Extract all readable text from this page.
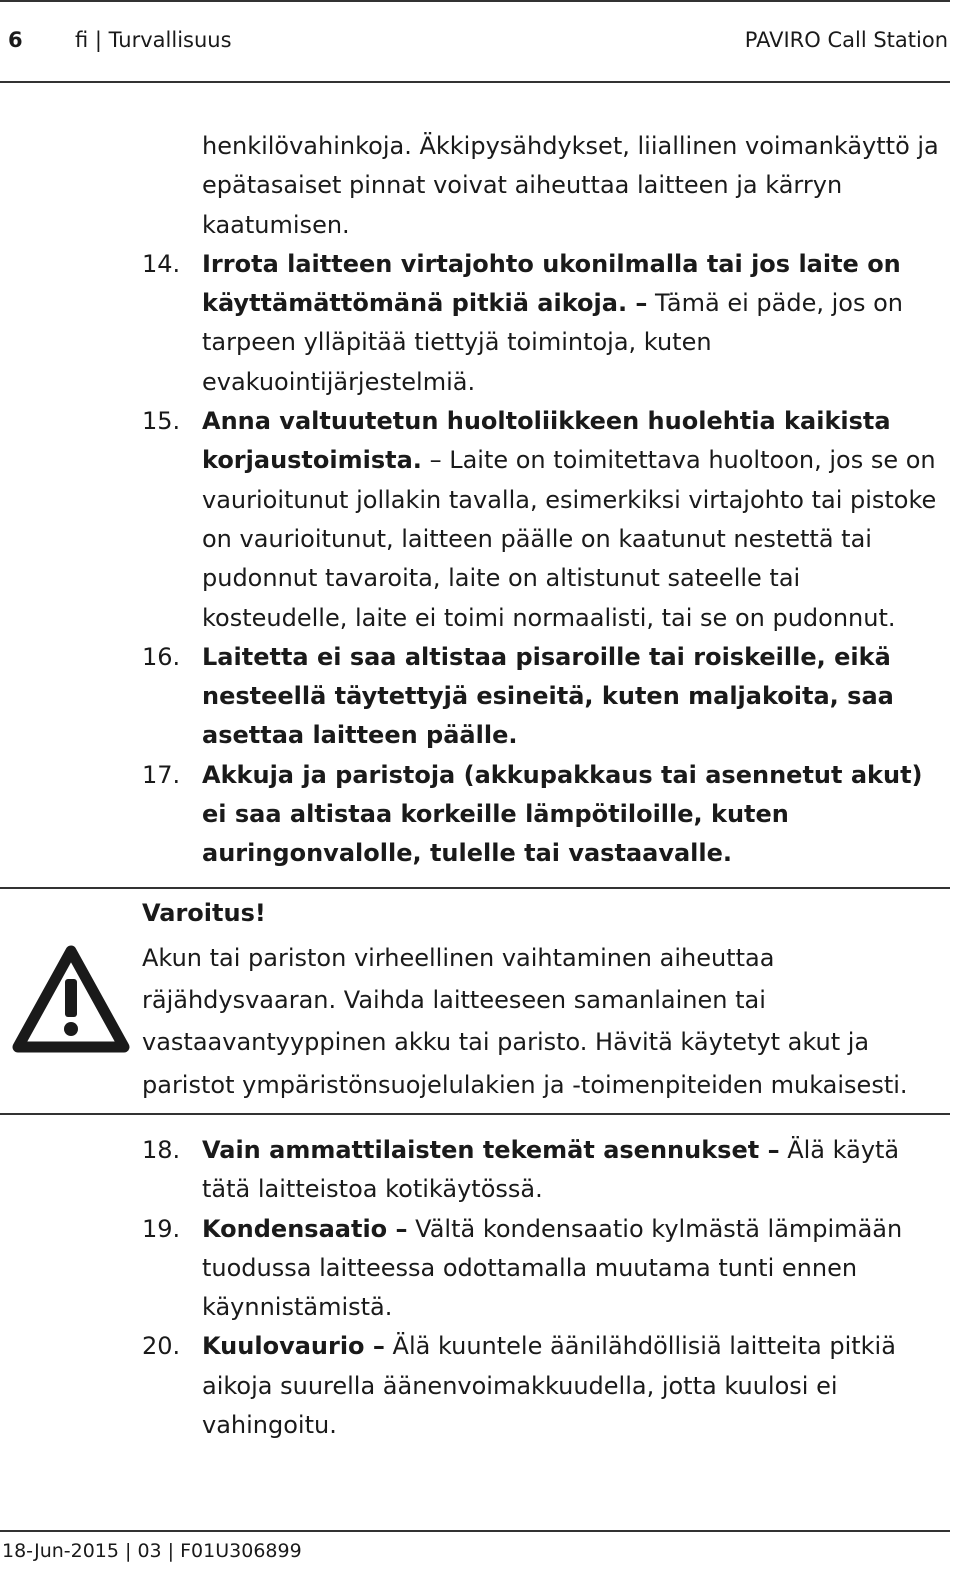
6 fi | Turvallisuus	PAVIRO Call Station
henkilövahinkoja. Äkkipysähdykset, liiallinen voimankäyttö ja epätasaiset pinnat voivat aiheuttaa laitteen ja kärryn kaatumisen.
14. Irrota laitteen virtajohto ukonilmalla tai jos laite on käyttämättömänä pitkiä aikoja. – Tämä ei päde, jos on tarpeen ylläpitää tiettyjä toimintoja, kuten evakuointijärjestelmiä.
15. Anna valtuutetun huoltoliikkeen huolehtia kaikista korjaustoimista. – Laite on toimitettava huoltoon, jos se on vaurioitunut jollakin tavalla, esimerkiksi virtajohto tai pistoke on vaurioitunut, laitteen päälle on kaatunut nestettä tai pudonnut tavaroita, laite on altistunut sateelle tai kosteudelle, laite ei toimi normaalisti, tai se on pudonnut.
16. Laitetta ei saa altistaa pisaroille tai roiskeille, eikä nesteellä täytettyjä esineitä, kuten maljakoita, saa asettaa laitteen päälle.
17. Akkuja ja paristoja (akkupakkaus tai asennetut akut) ei saa altistaa korkeille lämpötiloille, kuten auringonvalolle, tulelle tai vastaavalle.
Varoitus!
Akun tai pariston virheellinen vaihtaminen aiheuttaa räjähdysvaaran. Vaihda laitteeseen samanlainen tai vastaavantyyppinen akku tai paristo. Hävitä käytetyt akut ja paristot ympäristönsuojelulakien ja -toimenpiteiden mukaisesti.
18. Vain ammattilaisten tekemät asennukset – Älä käytä tätä laitteistoa kotikäytössä.
19. Kondensaatio – Vältä kondensaatio kylmästä lämpimään tuodussa laitteessa odottamalla muutama tunti ennen käynnistämistä.
20. Kuulovaurio – Älä kuuntele äänilähdöllisiä laitteita pitkiä aikoja suurella äänenvoimakkuudella, jotta kuulosi ei vahingoitu.
18-Jun-2015 | 03 | F01U306899
